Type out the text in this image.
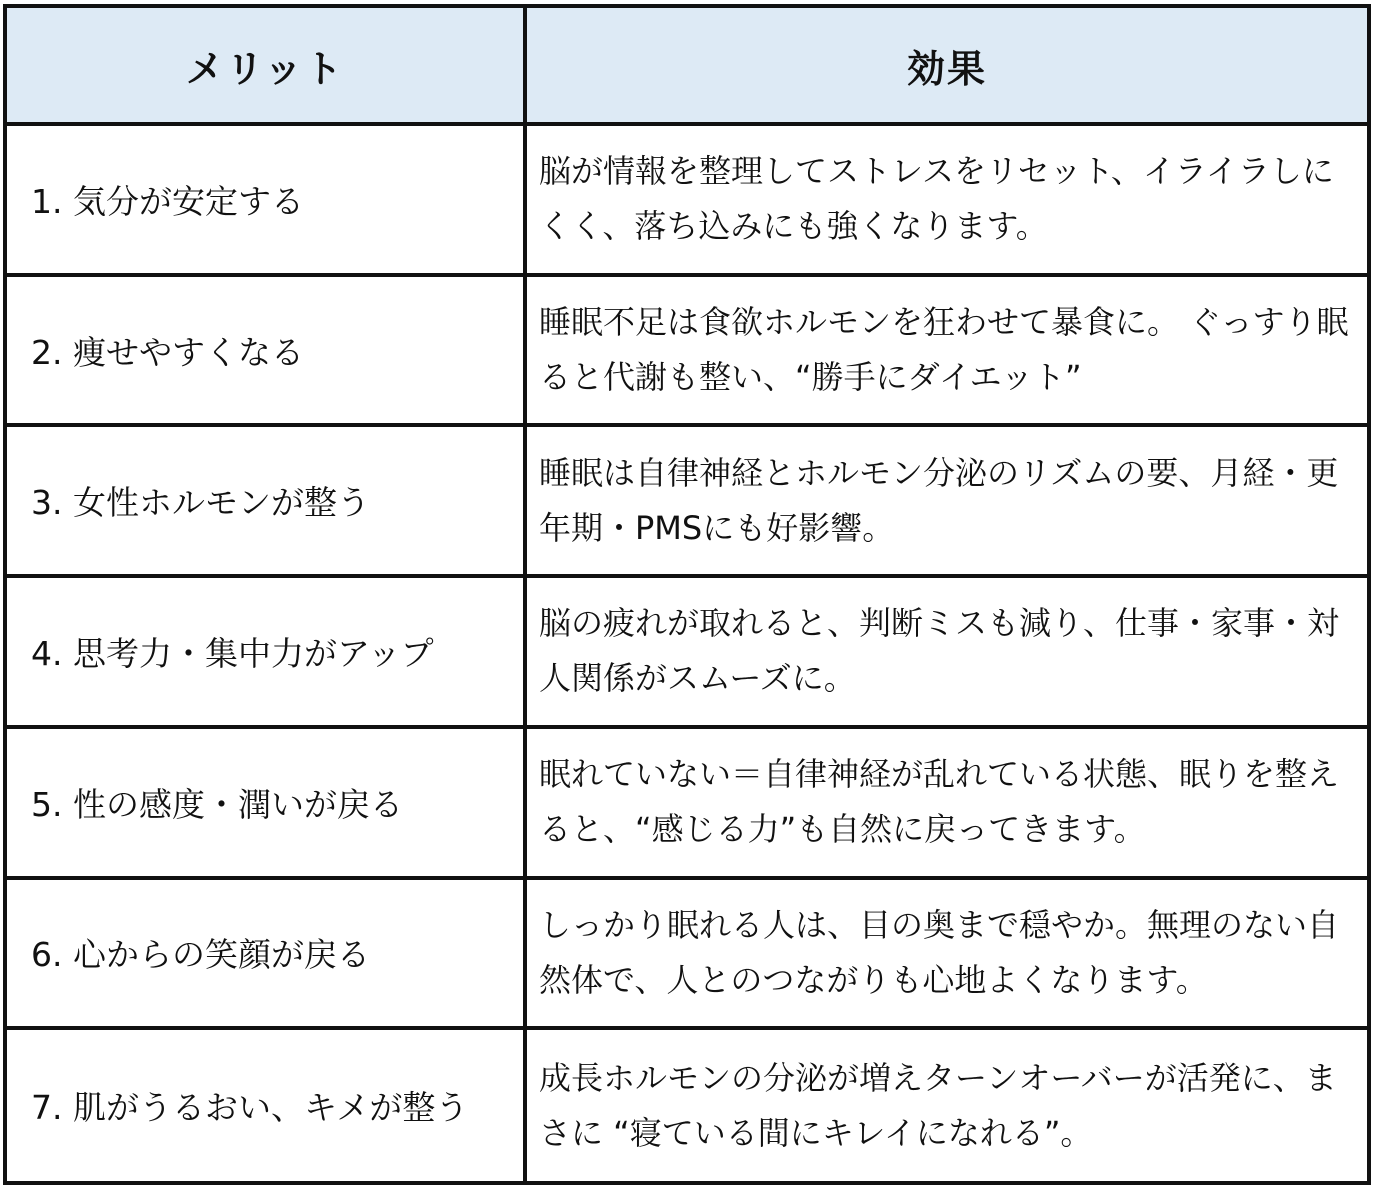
メリット	効果
1. 気分が安定する
脳が情報を整理してストレスをリセット、イライラしにくく、落ち込みにも強くなります。
2. 痩せやすくなる
睡眠不足は食欲ホルモンを狂わせて暴食に。 ぐっすり眠ると代謝も整い、“勝手にダイエット”
3. 女性ホルモンが整う
睡眠は自律神経とホルモン分泌のリズムの要、月経・更年期・PMSにも好影響。
4. 思考力・集中力がアップ
脳の疲れが取れると、判断ミスも減り、仕事・家事・対人関係がスムーズに。
5. 性の感度・潤いが戻る
眠れていない＝自律神経が乱れている状態、眠りを整えると、“感じる力”も自然に戻ってきます。
6. 心からの笑顔が戻る
しっかり眠れる人は、目の奥まで穏やか。無理のない自然体で、人とのつながりも心地よくなります。
7. 肌がうるおい、キメが整う
成長ホルモンの分泌が増えターンオーバーが活発に、まさに “寝ている間にキレイになれる”。
